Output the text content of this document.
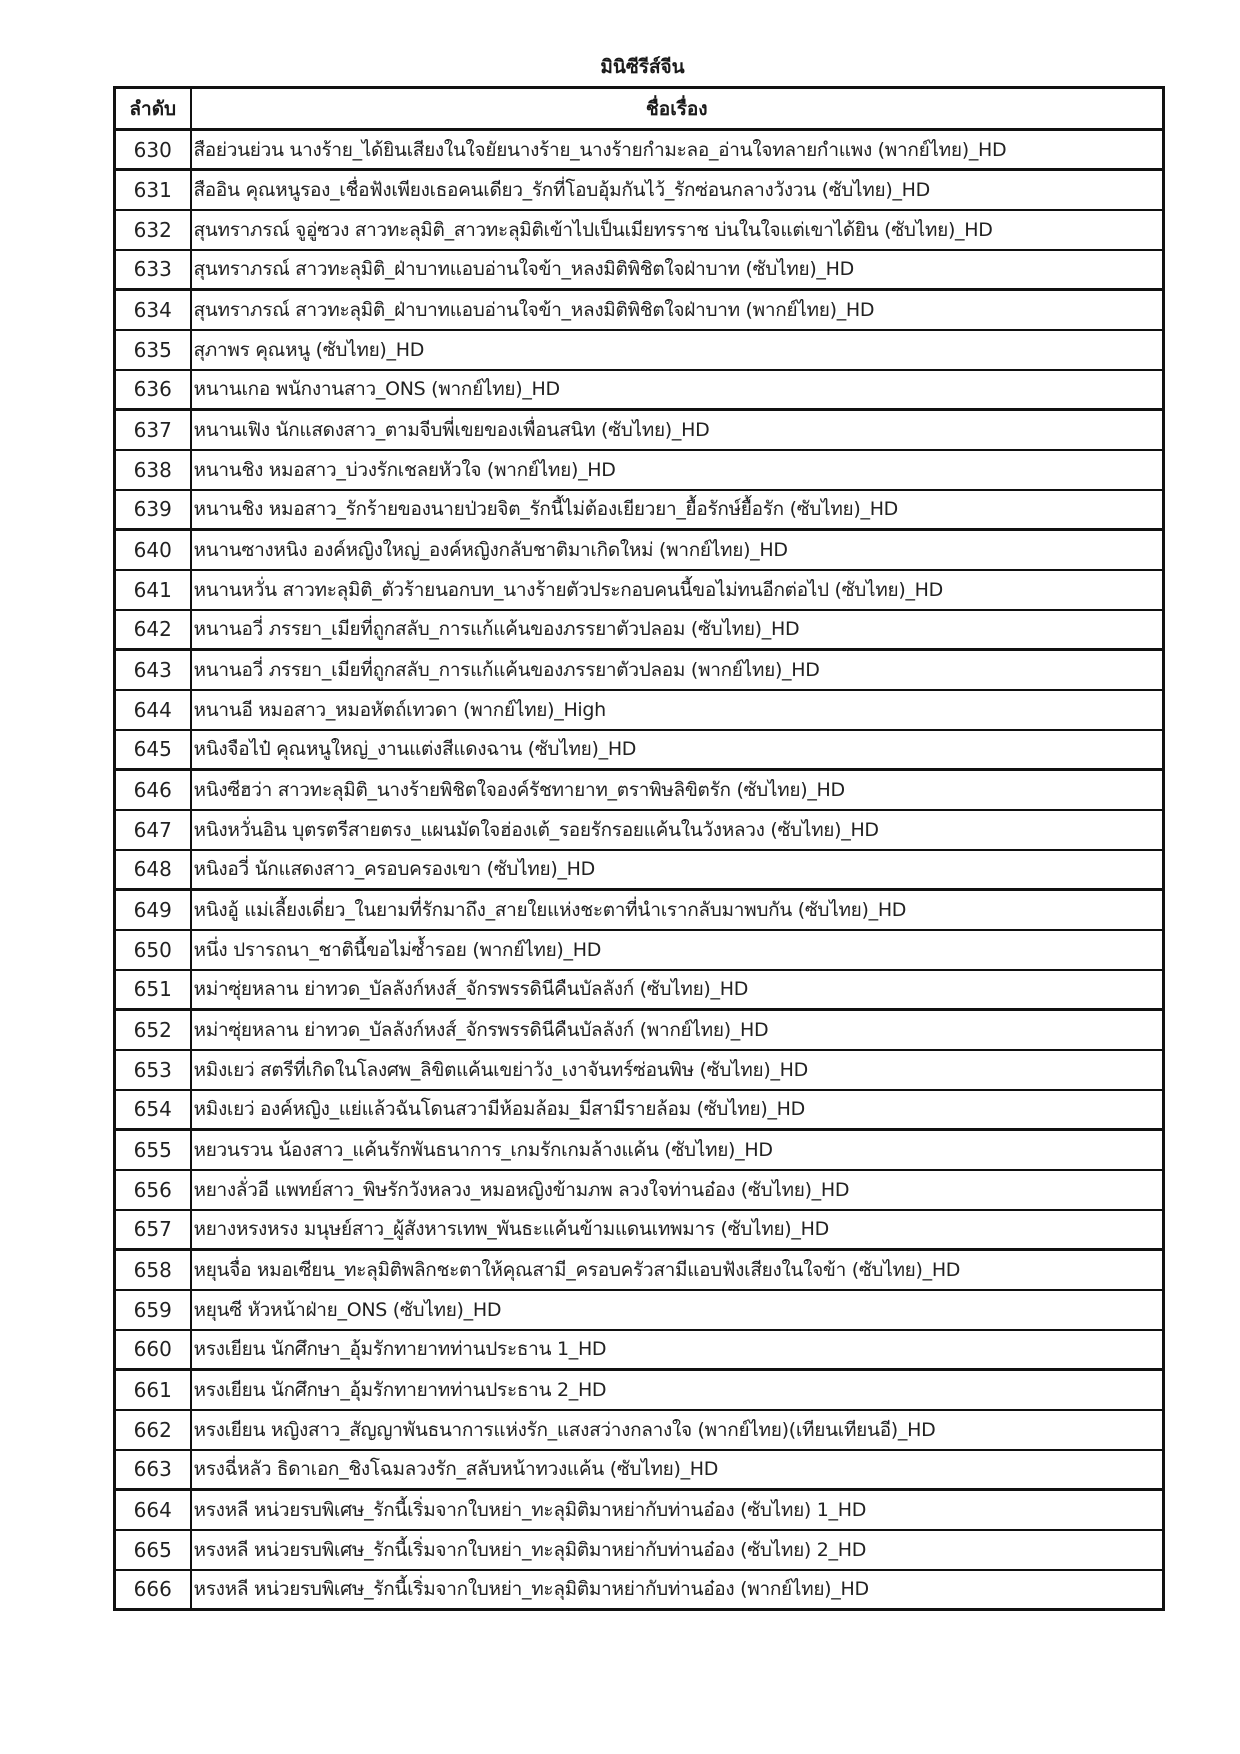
มินิซีรีส์จีน
ลำดับ	ชื่อเรื่อง
630	สือย่วนย่วน นางร้าย_ได้ยินเสียงในใจยัยนางร้าย_นางร้ายกำมะลอ_อ่านใจทลายกำแพง (พากย์ไทย)_HD
631	สืออิน คุณหนูรอง_เชื่อฟังเพียงเธอคนเดียว_รักที่โอบอุ้มกันไว้_รักซ่อนกลางวังวน (ซับไทย)_HD
632	สุนทราภรณ์ จูอู่ซวง สาวทะลุมิติ_สาวทะลุมิติเข้าไปเป็นเมียทรราช บ่นในใจแต่เขาได้ยิน (ซับไทย)_HD
633	สุนทราภรณ์ สาวทะลุมิติ_ฝ่าบาทแอบอ่านใจข้า_หลงมิติพิชิตใจฝ่าบาท (ซับไทย)_HD
634	สุนทราภรณ์ สาวทะลุมิติ_ฝ่าบาทแอบอ่านใจข้า_หลงมิติพิชิตใจฝ่าบาท (พากย์ไทย)_HD
635	สุภาพร คุณหนู (ซับไทย)_HD
636	หนานเกอ พนักงานสาว_ONS (พากย์ไทย)_HD
637	หนานเฟิง นักแสดงสาว_ตามจีบพี่เขยของเพื่อนสนิท (ซับไทย)_HD
638	หนานชิง หมอสาว_บ่วงรักเชลยหัวใจ (พากย์ไทย)_HD
639	หนานชิง หมอสาว_รักร้ายของนายป่วยจิต_รักนี้ไม่ต้องเยียวยา_ยื้อรักษ์ยื้อรัก (ซับไทย)_HD
640	หนานซางหนิง องค์หญิงใหญ่_องค์หญิงกลับชาติมาเกิดใหม่ (พากย์ไทย)_HD
641	หนานหวั่น สาวทะลุมิติ_ตัวร้ายนอกบท_นางร้ายตัวประกอบคนนี้ขอไม่ทนอีกต่อไป (ซับไทย)_HD
642	หนานอวี่ ภรรยา_เมียที่ถูกสลับ_การแก้แค้นของภรรยาตัวปลอม (ซับไทย)_HD
643	หนานอวี่ ภรรยา_เมียที่ถูกสลับ_การแก้แค้นของภรรยาตัวปลอม (พากย์ไทย)_HD
644	หนานอี หมอสาว_หมอหัตถ์เทวดา (พากย์ไทย)_High
645	หนิงจือไป๋ คุณหนูใหญ่_งานแต่งสีแดงฉาน (ซับไทย)_HD
646	หนิงซีฮว่า สาวทะลุมิติ_นางร้ายพิชิตใจองค์รัชทายาท_ตราพิษลิขิตรัก (ซับไทย)_HD
647	หนิงหวั่นอิน บุตรตรีสายตรง_แผนมัดใจฮ่องเต้_รอยรักรอยแค้นในวังหลวง (ซับไทย)_HD
648	หนิงอวี่ นักแสดงสาว_ครอบครองเขา (ซับไทย)_HD
649	หนิงอู้ แม่เลี้ยงเดี่ยว_ในยามที่รักมาถึง_สายใยแห่งชะตาที่นำเรากลับมาพบกัน (ซับไทย)_HD
650	หนึ่ง ปรารถนา_ชาตินี้ขอไม่ซ้ำรอย (พากย์ไทย)_HD
651	หม่าซุ่ยหลาน ย่าทวด_บัลลังก์หงส์_จักรพรรดินีคืนบัลลังก์ (ซับไทย)_HD
652	หม่าซุ่ยหลาน ย่าทวด_บัลลังก์หงส์_จักรพรรดินีคืนบัลลังก์ (พากย์ไทย)_HD
653	หมิงเยว่ สตรีที่เกิดในโลงศพ_ลิขิตแค้นเขย่าวัง_เงาจันทร์ซ่อนพิษ (ซับไทย)_HD
654	หมิงเยว่ องค์หญิง_แย่แล้วฉันโดนสวามีห้อมล้อม_มีสามีรายล้อม (ซับไทย)_HD
655	หยวนรวน น้องสาว_แค้นรักพันธนาการ_เกมรักเกมล้างแค้น (ซับไทย)_HD
656	หยางลั่วอี แพทย์สาว_พิษรักวังหลวง_หมอหญิงข้ามภพ ลวงใจท่านอ๋อง (ซับไทย)_HD
657	หยางหรงหรง มนุษย์สาว_ผู้สังหารเทพ_พันธะแค้นข้ามแดนเทพมาร (ซับไทย)_HD
658	หยุนจื่อ หมอเซียน_ทะลุมิติพลิกชะตาให้คุณสามี_ครอบครัวสามีแอบฟังเสียงในใจข้า (ซับไทย)_HD
659	หยุนซี หัวหน้าฝ่าย_ONS (ซับไทย)_HD
660	หรงเยียน นักศึกษา_อุ้มรักทายาทท่านประธาน 1_HD
661	หรงเยียน นักศึกษา_อุ้มรักทายาทท่านประธาน 2_HD
662	หรงเยียน หญิงสาว_สัญญาพันธนาการแห่งรัก_แสงสว่างกลางใจ (พากย์ไทย)(เทียนเทียนอี)_HD
663	หรงฉี่หลัว ธิดาเอก_ชิงโฉมลวงรัก_สลับหน้าทวงแค้น (ซับไทย)_HD
664	หรงหลี หน่วยรบพิเศษ_รักนี้เริ่มจากใบหย่า_ทะลุมิติมาหย่ากับท่านอ๋อง (ซับไทย) 1_HD
665	หรงหลี หน่วยรบพิเศษ_รักนี้เริ่มจากใบหย่า_ทะลุมิติมาหย่ากับท่านอ๋อง (ซับไทย) 2_HD
666	หรงหลี หน่วยรบพิเศษ_รักนี้เริ่มจากใบหย่า_ทะลุมิติมาหย่ากับท่านอ๋อง (พากย์ไทย)_HD
